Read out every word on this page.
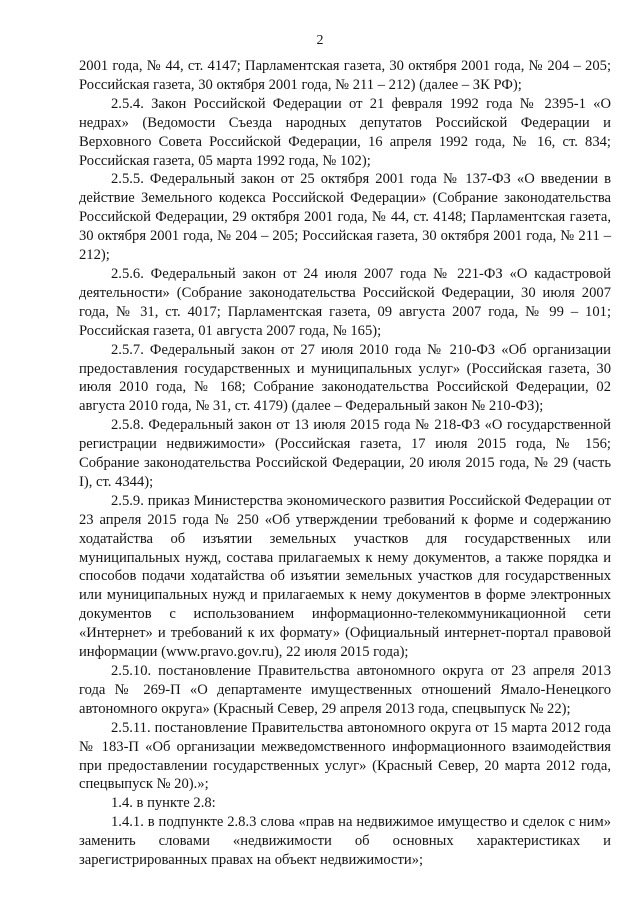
2

2001 года, № 44, ст. 4147; Парламентская газета, 30 октября 2001 года, № 204 – 205; Российская газета, 30 октября 2001 года, № 211 – 212) (далее – ЗК РФ);

2.5.4. Закон Российской Федерации от 21 февраля 1992 года № 2395-1 «О недрах» (Ведомости Съезда народных депутатов Российской Федерации и Верховного Совета Российской Федерации, 16 апреля 1992 года, № 16, ст. 834; Российская газета, 05 марта 1992 года, № 102);

2.5.5. Федеральный закон от 25 октября 2001 года № 137-ФЗ «О введении в действие Земельного кодекса Российской Федерации» (Собрание законодательства Российской Федерации, 29 октября 2001 года, № 44, ст. 4148; Парламентская газета, 30 октября 2001 года, № 204 – 205; Российская газета, 30 октября 2001 года, № 211 – 212);

2.5.6. Федеральный закон от 24 июля 2007 года № 221-ФЗ «О кадастровой деятельности» (Собрание законодательства Российской Федерации, 30 июля 2007 года, № 31, ст. 4017; Парламентская газета, 09 августа 2007 года, № 99 – 101; Российская газета, 01 августа 2007 года, № 165);

2.5.7. Федеральный закон от 27 июля 2010 года № 210-ФЗ «Об организации предоставления государственных и муниципальных услуг» (Российская газета, 30 июля 2010 года, № 168; Собрание законодательства Российской Федерации, 02 августа 2010 года, № 31, ст. 4179) (далее – Федеральный закон № 210-ФЗ);

2.5.8. Федеральный закон от 13 июля 2015 года № 218-ФЗ «О государственной регистрации недвижимости» (Российская газета, 17 июля 2015 года, № 156; Собрание законодательства Российской Федерации, 20 июля 2015 года, № 29 (часть I), ст. 4344);

2.5.9. приказ Министерства экономического развития Российской Федерации от 23 апреля 2015 года № 250 «Об утверждении требований к форме и содержанию ходатайства об изъятии земельных участков для государственных или муниципальных нужд, состава прилагаемых к нему документов, а также порядка и способов подачи ходатайства об изъятии земельных участков для государственных или муниципальных нужд и прилагаемых к нему документов в форме электронных документов с использованием информационно-телекоммуникационной сети «Интернет» и требований к их формату» (Официальный интернет-портал правовой информации (www.pravo.gov.ru), 22 июля 2015 года);

2.5.10. постановление Правительства автономного округа от 23 апреля 2013 года № 269-П «О департаменте имущественных отношений Ямало-Ненецкого автономного округа» (Красный Север, 29 апреля 2013 года, спецвыпуск № 22);

2.5.11. постановление Правительства автономного округа от 15 марта 2012 года № 183-П «Об организации межведомственного информационного взаимодействия при предоставлении государственных услуг» (Красный Север, 20 марта 2012 года, спецвыпуск № 20).»;

1.4. в пункте 2.8:

1.4.1. в подпункте 2.8.3 слова «прав на недвижимое имущество и сделок с ним» заменить словами «недвижимости об основных характеристиках и зарегистрированных правах на объект недвижимости»;
